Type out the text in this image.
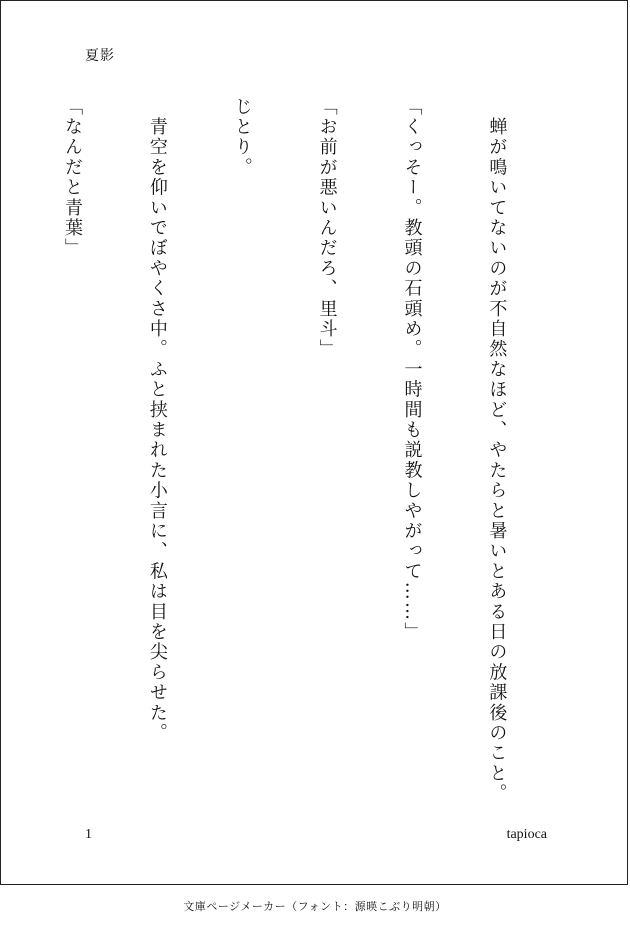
夏影

　蝉が鳴いてないのが不自然なほど、やたらと暑いとある日の放課後のこと。

「くっそー。教頭の石頭め。一時間も説教しやがって……」

「お前が悪いんだろ、里斗」

じとり。

　青空を仰いでぼやくさ中。ふと挟まれた小言に、私は目を尖らせた。

「なんだと青葉」

1	tapioca
文庫ページメーカー（フォント：源暎こぶり明朝）
